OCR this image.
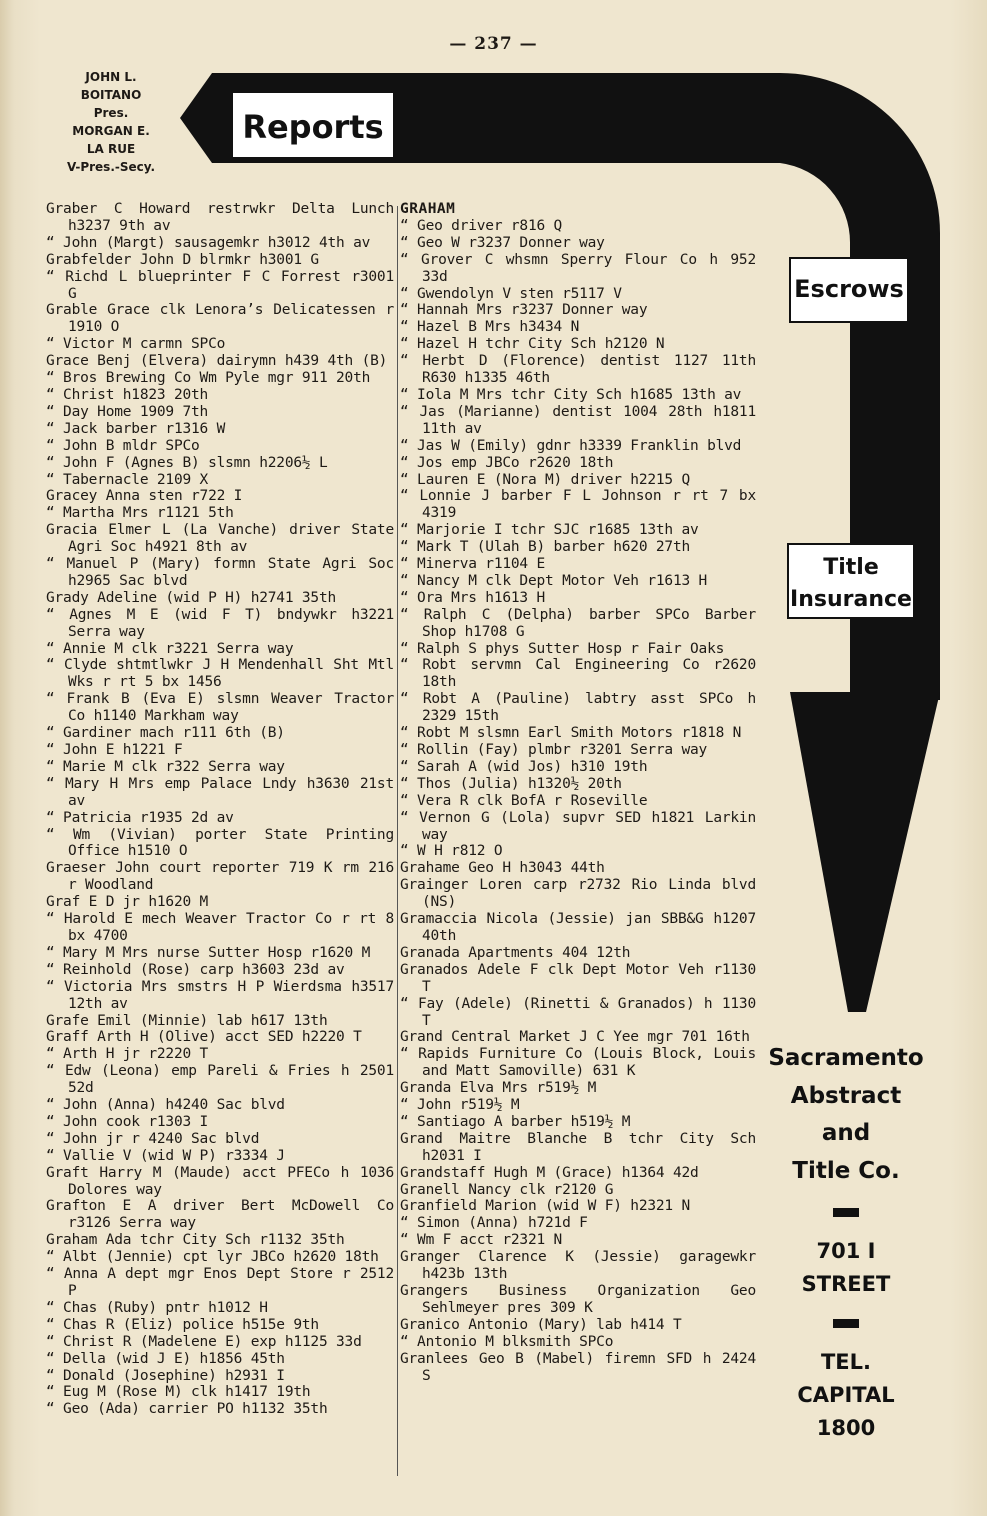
— 237 —
JOHN L.
BOITANO
Pres.
MORGAN E.
LA RUE
V-Pres.-Secy.
Reports
Escrows
Title
Insurance
Graber C Howard restrwkr Delta Lunch h3237 9th av
“ John (Margt) sausagemkr h3012 4th av
Grabfelder John D blrmkr h3001 G
“ Richd L blueprinter F C Forrest r3001 G
Grable Grace clk Lenora’s Delicatessen r 1910 O
“ Victor M carmn SPCo
Grace Benj (Elvera) dairymn h439 4th (B)
“ Bros Brewing Co Wm Pyle mgr 911 20th
“ Christ h1823 20th
“ Day Home 1909 7th
“ Jack barber r1316 W
“ John B mldr SPCo
“ John F (Agnes B) slsmn h2206½ L
“ Tabernacle 2109 X
Gracey Anna sten r722 I
“ Martha Mrs r1121 5th
Gracia Elmer L (La Vanche) driver State Agri Soc h4921 8th av
“ Manuel P (Mary) formn State Agri Soc h2965 Sac blvd
Grady Adeline (wid P H) h2741 35th
“ Agnes M E (wid F T) bndywkr h3221 Serra way
“ Annie M clk r3221 Serra way
“ Clyde shtmtlwkr J H Mendenhall Sht Mtl Wks r rt 5 bx 1456
“ Frank B (Eva E) slsmn Weaver Tractor Co h1140 Markham way
“ Gardiner mach r111 6th (B)
“ John E h1221 F
“ Marie M clk r322 Serra way
“ Mary H Mrs emp Palace Lndy h3630 21st av
“ Patricia r1935 2d av
“ Wm (Vivian) porter State Printing Office h1510 O
Graeser John court reporter 719 K rm 216 r Woodland
Graf E D jr h1620 M
“ Harold E mech Weaver Tractor Co r rt 8 bx 4700
“ Mary M Mrs nurse Sutter Hosp r1620 M
“ Reinhold (Rose) carp h3603 23d av
“ Victoria Mrs smstrs H P Wierdsma h3517 12th av
Grafe Emil (Minnie) lab h617 13th
Graff Arth H (Olive) acct SED h2220 T
“ Arth H jr r2220 T
“ Edw (Leona) emp Pareli & Fries h 2501 52d
“ John (Anna) h4240 Sac blvd
“ John cook r1303 I
“ John jr r 4240 Sac blvd
“ Vallie V (wid W P) r3334 J
Graft Harry M (Maude) acct PFECo h 1036 Dolores way
Grafton E A driver Bert McDowell Co r3126 Serra way
Graham Ada tchr City Sch r1132 35th
“ Albt (Jennie) cpt lyr JBCo h2620 18th
“ Anna A dept mgr Enos Dept Store r 2512 P
“ Chas (Ruby) pntr h1012 H
“ Chas R (Eliz) police h515e 9th
“ Christ R (Madelene E) exp h1125 33d
“ Della (wid J E) h1856 45th
“ Donald (Josephine) h2931 I
“ Eug M (Rose M) clk h1417 19th
“ Geo (Ada) carrier PO h1132 35th
GRAHAM
“ Geo driver r816 Q
“ Geo W r3237 Donner way
“ Grover C whsmn Sperry Flour Co h 952 33d
“ Gwendolyn V sten r5117 V
“ Hannah Mrs r3237 Donner way
“ Hazel B Mrs h3434 N
“ Hazel H tchr City Sch h2120 N
“ Herbt D (Florence) dentist 1127 11th R630 h1335 46th
“ Iola M Mrs tchr City Sch h1685 13th av
“ Jas (Marianne) dentist 1004 28th h1811 11th av
“ Jas W (Emily) gdnr h3339 Franklin blvd
“ Jos emp JBCo r2620 18th
“ Lauren E (Nora M) driver h2215 Q
“ Lonnie J barber F L Johnson r rt 7 bx 4319
“ Marjorie I tchr SJC r1685 13th av
“ Mark T (Ulah B) barber h620 27th
“ Minerva r1104 E
“ Nancy M clk Dept Motor Veh r1613 H
“ Ora Mrs h1613 H
“ Ralph C (Delpha) barber SPCo Barber Shop h1708 G
“ Ralph S phys Sutter Hosp r Fair Oaks
“ Robt servmn Cal Engineering Co r2620 18th
“ Robt A (Pauline) labtry asst SPCo h 2329 15th
“ Robt M slsmn Earl Smith Motors r1818 N
“ Rollin (Fay) plmbr r3201 Serra way
“ Sarah A (wid Jos) h310 19th
“ Thos (Julia) h1320½ 20th
“ Vera R clk BofA r Roseville
“ Vernon G (Lola) supvr SED h1821 Larkin way
“ W H r812 O
Grahame Geo H h3043 44th
Grainger Loren carp r2732 Rio Linda blvd (NS)
Gramaccia Nicola (Jessie) jan SBB&G h1207 40th
Granada Apartments 404 12th
Granados Adele F clk Dept Motor Veh r1130 T
“ Fay (Adele) (Rinetti & Granados) h 1130 T
Grand Central Market J C Yee mgr 701 16th
“ Rapids Furniture Co (Louis Block, Louis and Matt Samoville) 631 K
Granda Elva Mrs r519½ M
“ John r519½ M
“ Santiago A barber h519½ M
Grand Maitre Blanche B tchr City Sch h2031 I
Grandstaff Hugh M (Grace) h1364 42d
Granell Nancy clk r2120 G
Granfield Marion (wid W F) h2321 N
“ Simon (Anna) h721d F
“ Wm F acct r2321 N
Granger Clarence K (Jessie) garagewkr h423b 13th
Grangers Business Organization Geo Sehlmeyer pres 309 K
Granico Antonio (Mary) lab h414 T
“ Antonio M blksmith SPCo
Granlees Geo B (Mabel) firemn SFD h 2424 S
Sacramento
Abstract
and
Title Co.
701 I
STREET
TEL.
CAPITAL
1800
